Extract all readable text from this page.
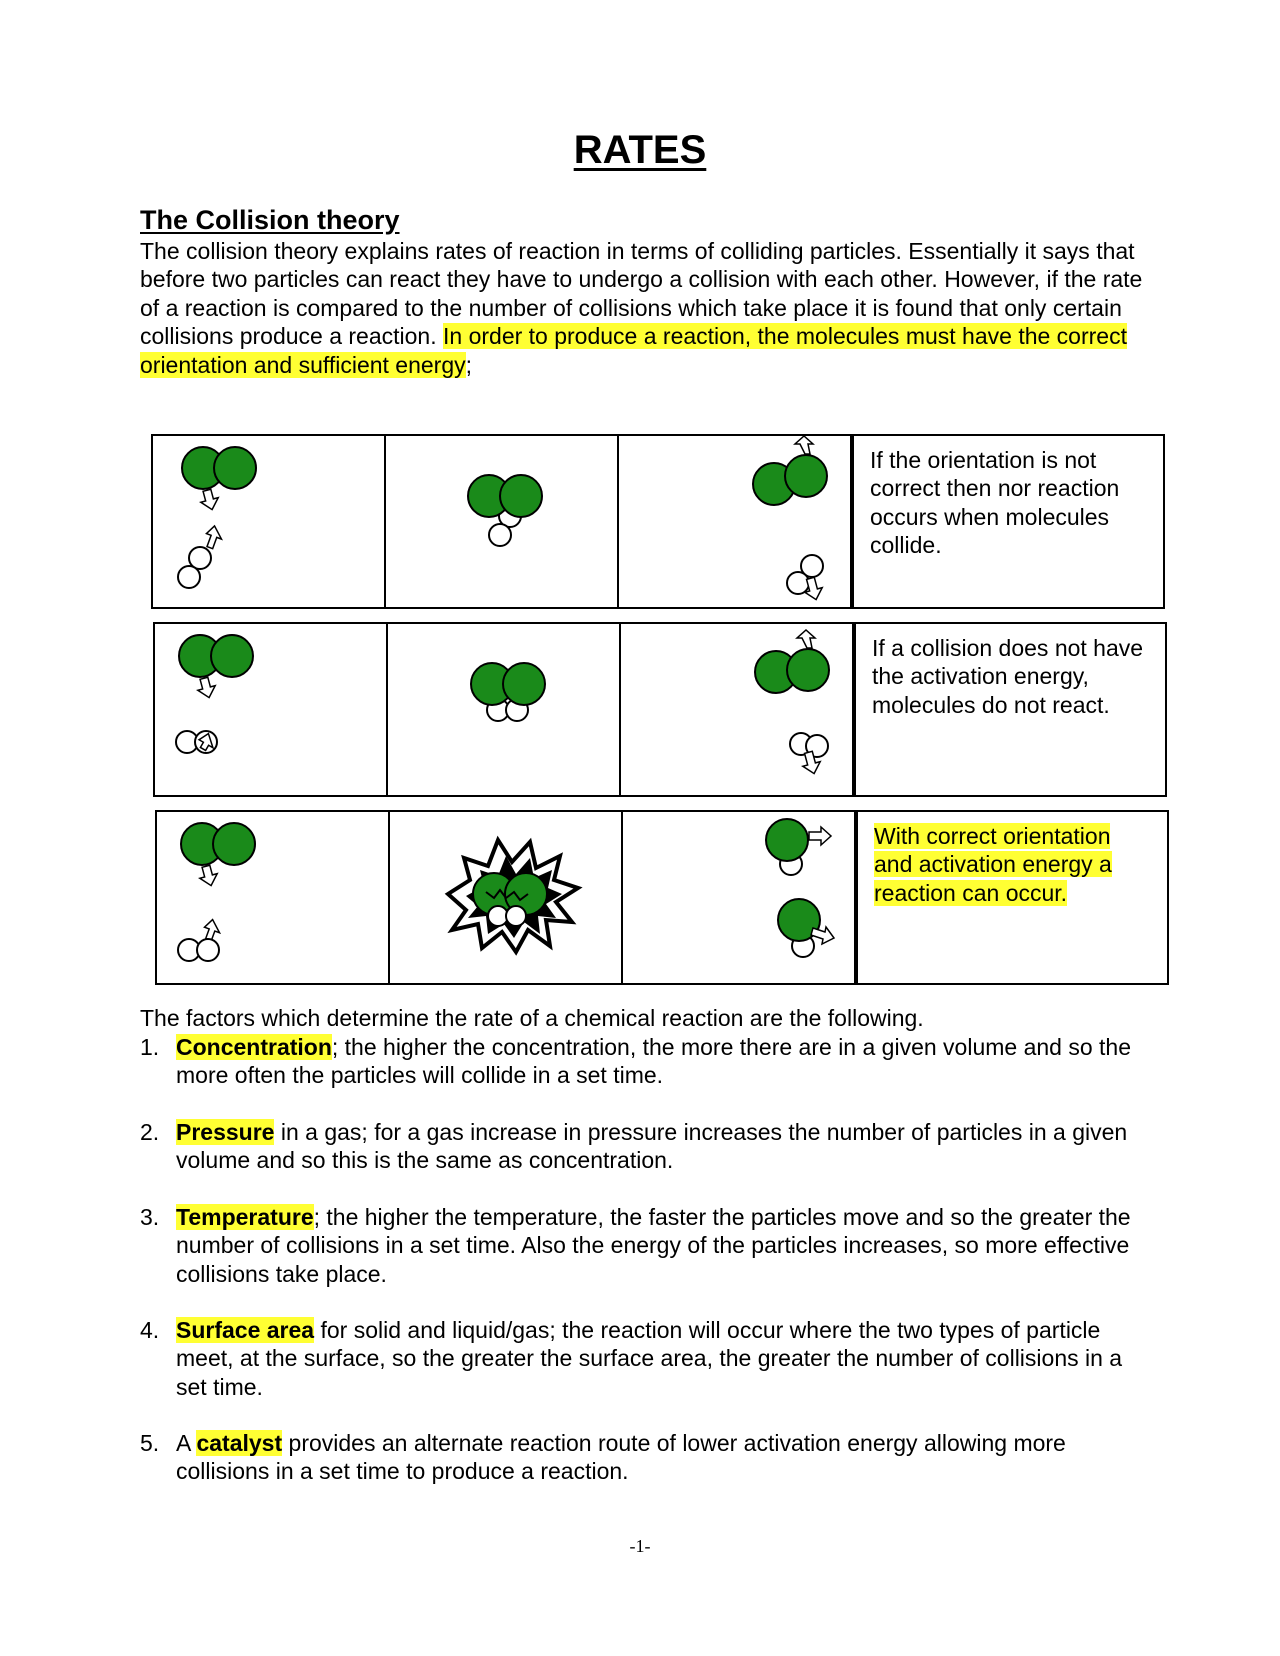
RATES
The Collision theory
The collision theory explains rates of reaction in terms of colliding particles. Essentially it says that before two particles can react they have to undergo a collision with each other. However, if the rate of a reaction is compared to the number of collisions which take place it is found that only certain collisions produce a reaction. In order to produce a reaction, the molecules must have the correct orientation and sufficient energy;
If the orientation is not correct then nor reaction occurs when molecules collide.
If a collision does not have the activation energy, molecules do not react.
With correct orientation and activation energy a reaction can occur.
The factors which determine the rate of a chemical reaction are the following.
1. Concentration; the higher the concentration, the more there are in a given volume and so the more often the particles will collide in a set time.
2. Pressure in a gas; for a gas increase in pressure increases the number of particles in a given volume and so this is the same as concentration.
3. Temperature; the higher the temperature, the faster the particles move and so the greater the number of collisions in a set time. Also the energy of the particles increases, so more effective collisions take place.
4. Surface area for solid and liquid/gas; the reaction will occur where the two types of particle meet, at the surface, so the greater the surface area, the greater the number of collisions in a set time.
5. A catalyst provides an alternate reaction route of lower activation energy allowing more collisions in a set time to produce a reaction.
-1-
